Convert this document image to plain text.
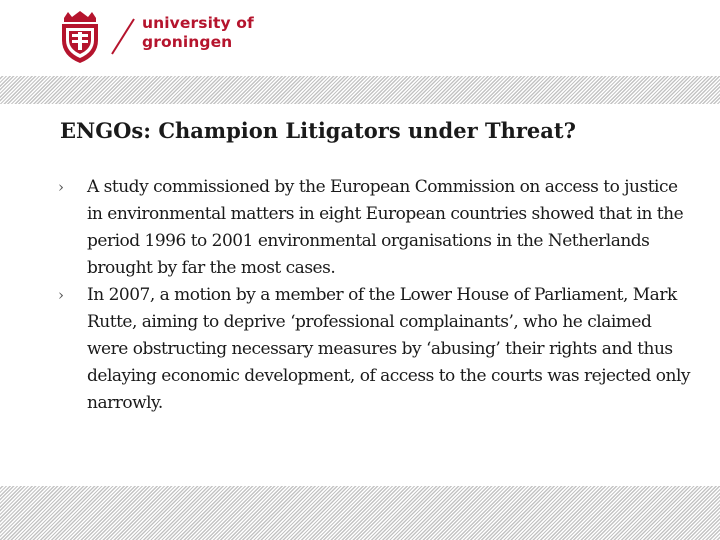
university of
groningen
ENGOs: Champion Litigators under Threat?
› A study commissioned by the European Commission on access to justice in environmental matters in eight European countries showed that in the period 1996 to 2001 environmental organisations in the Netherlands brought by far the most cases.
› In 2007, a motion by a member of the Lower House of Parliament, Mark Rutte, aiming to deprive ‘professional complainants’, who he claimed were obstructing necessary measures by ‘abusing’ their rights and thus delaying economic development, of access to the courts was rejected only narrowly.
